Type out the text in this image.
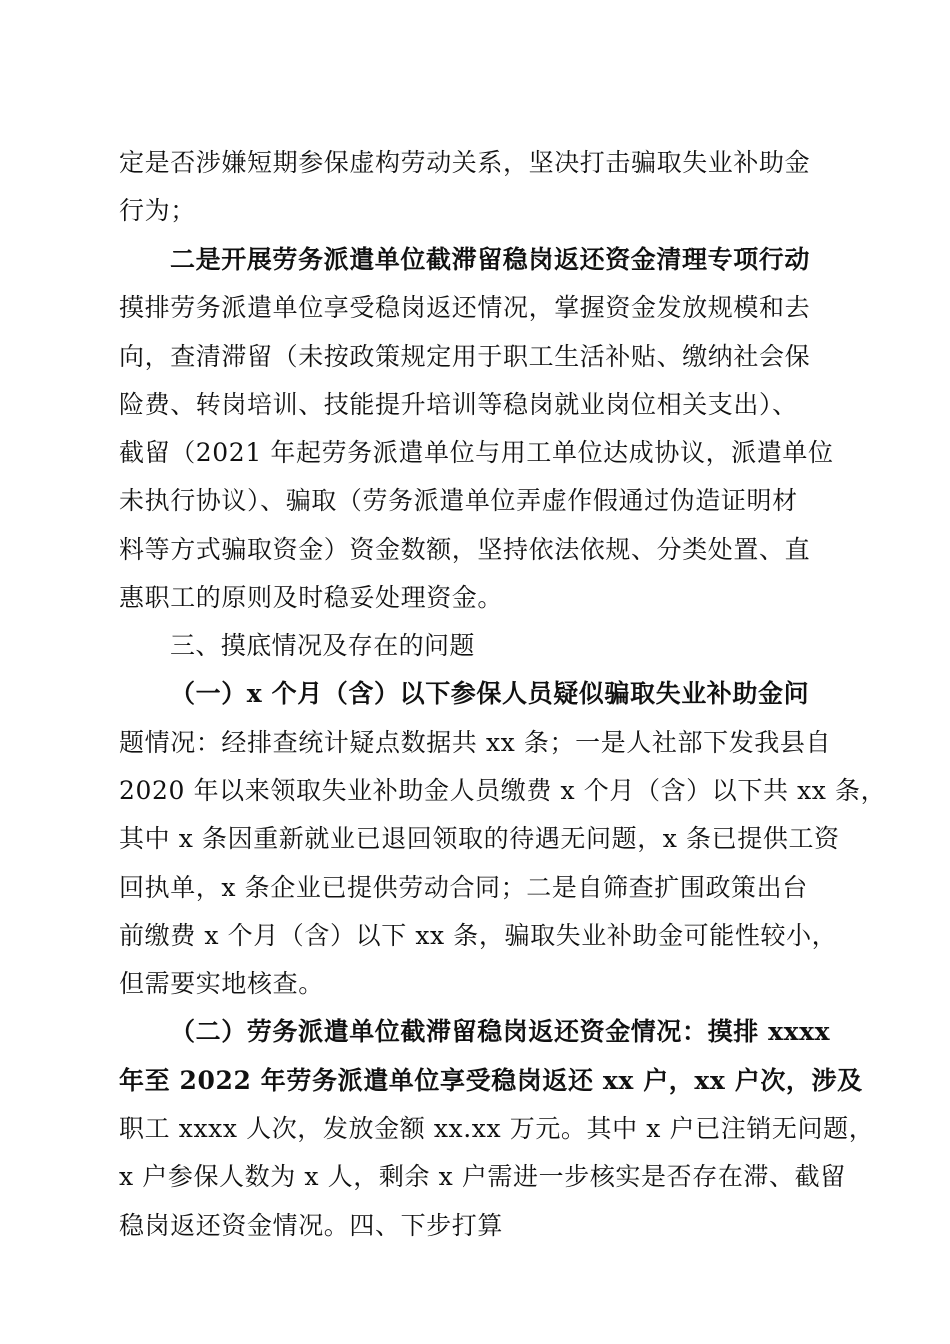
定是否涉嫌短期参保虚构劳动关系，坚决打击骗取失业补助金
行为；
二是开展劳务派遣单位截滞留稳岗返还资金清理专项行动
摸排劳务派遣单位享受稳岗返还情况，掌握资金发放规模和去
向，查清滞留（未按政策规定用于职工生活补贴、缴纳社会保
险费、转岗培训、技能提升培训等稳岗就业岗位相关支出）、
截留（2021 年起劳务派遣单位与用工单位达成协议，派遣单位
未执行协议）、骗取（劳务派遣单位弄虚作假通过伪造证明材
料等方式骗取资金）资金数额，坚持依法依规、分类处置、直
惠职工的原则及时稳妥处理资金。
三、摸底情况及存在的问题
（一）x 个月（含）以下参保人员疑似骗取失业补助金问
题情况：经排查统计疑点数据共 xx 条；一是人社部下发我县自
2020 年以来领取失业补助金人员缴费 x 个月（含）以下共 xx 条，
其中 x 条因重新就业已退回领取的待遇无问题，x 条已提供工资
回执单，x 条企业已提供劳动合同；二是自筛查扩围政策出台
前缴费 x 个月（含）以下 xx 条，骗取失业补助金可能性较小，
但需要实地核查。
（二）劳务派遣单位截滞留稳岗返还资金情况：摸排 xxxx
年至 2022 年劳务派遣单位享受稳岗返还 xx 户，xx 户次，涉及
职工 xxxx 人次，发放金额 xx.xx 万元。其中 x 户已注销无问题，
x 户参保人数为 x 人，剩余 x 户需进一步核实是否存在滞、截留
稳岗返还资金情况。四、下步打算
